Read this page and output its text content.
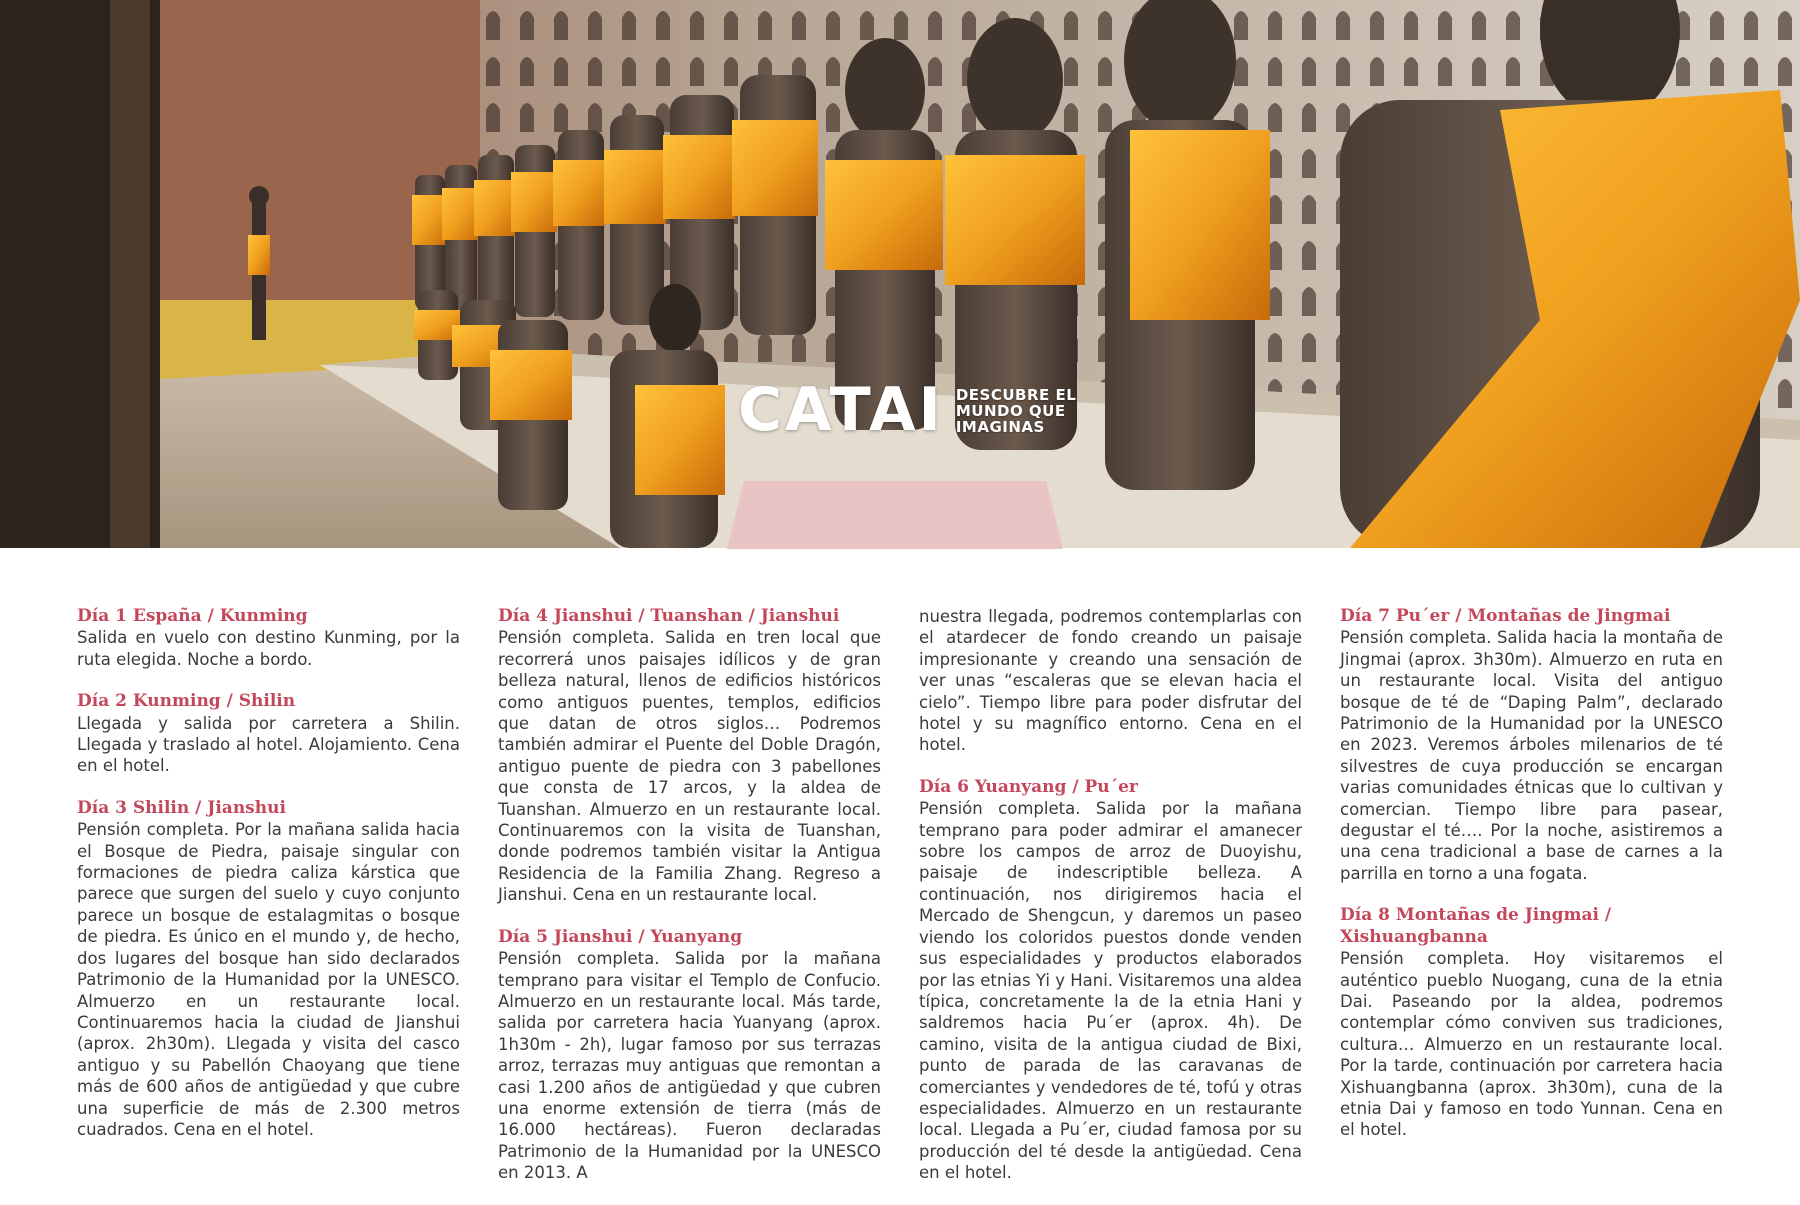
CATAI DESCUBRE EL
MUNDO QUE
IMAGINAS
Día 1 España / Kunming

Salida en vuelo con destino Kunming, por la ruta elegida. Noche a bordo.

Día 2 Kunming / Shilin

Llegada y salida por carretera a Shilin. Llegada y traslado al hotel. Alojamiento. Cena en el hotel.

Día 3 Shilin / Jianshui

Pensión completa. Por la mañana salida hacia el Bosque de Piedra, paisaje singular con formaciones de piedra caliza kárstica que parece que surgen del suelo y cuyo conjunto parece un bosque de estalagmitas o bosque de piedra. Es único en el mundo y, de hecho, dos lugares del bosque han sido declarados Patrimonio de la Humanidad por la UNESCO. Almuerzo en un restaurante local. Continuaremos hacia la ciudad de Jianshui (aprox. 2h30m). Llegada y visita del casco antiguo y su Pabellón Chaoyang que tiene más de 600 años de antigüedad y que cubre una superficie de más de 2.300 metros cuadrados. Cena en el hotel.

Día 4 Jianshui / Tuanshan / Jianshui

Pensión completa. Salida en tren local que recorrerá unos paisajes idílicos y de gran belleza natural, llenos de edificios históricos como antiguos puentes, templos, edificios que datan de otros siglos… Podremos también admirar el Puente del Doble Dragón, antiguo puente de piedra con 3 pabellones que consta de 17 arcos, y la aldea de Tuanshan. Almuerzo en un restaurante local. Continuaremos con la visita de Tuanshan, donde podremos también visitar la Antigua Residencia de la Familia Zhang. Regreso a Jianshui. Cena en un restaurante local.

Día 5 Jianshui / Yuanyang

Pensión completa. Salida por la mañana temprano para visitar el Templo de Confucio. Almuerzo en un restaurante local. Más tarde, salida por carretera hacia Yuanyang (aprox. 1h30m - 2h), lugar famoso por sus terrazas arroz, terrazas muy antiguas que remontan a casi 1.200 años de antigüedad y que cubren una enorme extensión de tierra (más de 16.000 hectáreas). Fueron declaradas Patrimonio de la Humanidad por la UNESCO en 2013. A

nuestra llegada, podremos contemplarlas con el atardecer de fondo creando un paisaje impresionante y creando una sensación de ver unas “escaleras que se elevan hacia el cielo”. Tiempo libre para poder disfrutar del hotel y su magnífico entorno. Cena en el hotel.

Día 6 Yuanyang / Pu´er

Pensión completa. Salida por la mañana temprano para poder admirar el amanecer sobre los campos de arroz de Duoyishu, paisaje de indescriptible belleza. A continuación, nos dirigiremos hacia el Mercado de Shengcun, y daremos un paseo viendo los coloridos puestos donde venden sus especialidades y productos elaborados por las etnias Yi y Hani. Visitaremos una aldea típica, concretamente la de la etnia Hani y saldremos hacia Pu´er (aprox. 4h). De camino, visita de la antigua ciudad de Bixi, punto de parada de las caravanas de comerciantes y vendedores de té, tofú y otras especialidades. Almuerzo en un restaurante local. Llegada a Pu´er, ciudad famosa por su producción del té desde la antigüedad. Cena en el hotel.

Día 7 Pu´er / Montañas de Jingmai

Pensión completa. Salida hacia la montaña de Jingmai (aprox. 3h30m). Almuerzo en ruta en un restaurante local. Visita del antiguo bosque de té de “Daping Palm”, declarado Patrimonio de la Humanidad por la UNESCO en 2023. Veremos árboles milenarios de té silvestres de cuya producción se encargan varias comunidades étnicas que lo cultivan y comercian. Tiempo libre para pasear, degustar el té…. Por la noche, asistiremos a una cena tradicional a base de carnes a la parrilla en torno a una fogata.

Día 8 Montañas de Jingmai / Xishuangbanna

Pensión completa. Hoy visitaremos el auténtico pueblo Nuogang, cuna de la etnia Dai. Paseando por la aldea, podremos contemplar cómo conviven sus tradiciones, cultura… Almuerzo en un restaurante local. Por la tarde, continuación por carretera hacia Xishuangbanna (aprox. 3h30m), cuna de la etnia Dai y famoso en todo Yunnan. Cena en el hotel.
